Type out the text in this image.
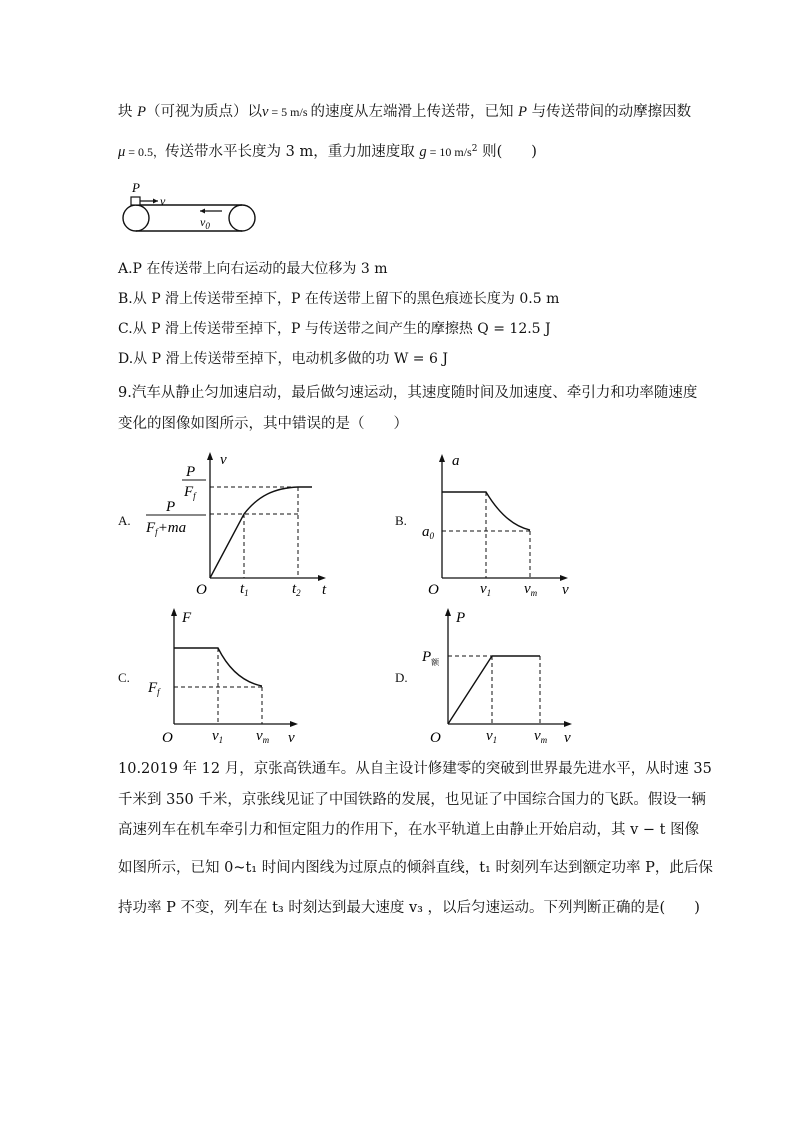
块 P（可视为质点）以v = 5 m/s 的速度从左端滑上传送带，已知 P 与传送带间的动摩擦因数
μ = 0.5，传送带水平长度为 3 m，重力加速度取 g = 10 $m/s^2$ 则(　　)
P
v
$v_0$
A.P 在传送带上向右运动的最大位移为 3 m
B.从 P 滑上传送带至掉下，P 在传送带上留下的黑色痕迹长度为 0.5 m
C.从 P 滑上传送带至掉下，P 与传送带之间产生的摩擦热 Q = 12.5 J
D.从 P 滑上传送带至掉下，电动机多做的功 W = 6 J
9.汽车从静止匀加速启动，最后做匀速运动，其速度随时间及加速度、牵引力和功率随速度
变化的图像如图所示，其中错误的是（　　）
A.
v
t
O
P
$F_f$
P
$F_f+ma$
$t_1$	$t_2$
B.
a
v
O
$a_0$
$v_1$ $v_m$
C.
F
v
O
$F_f$
$v_1$ $v_m$
D.
P
v
O
$P_额$
$v_1$ $v_m$
10.2019 年 12 月，京张高铁通车。从自主设计修建零的突破到世界最先进水平，从时速 35
千米到 350 千米，京张线见证了中国铁路的发展，也见证了中国综合国力的飞跃。假设一辆
高速列车在机车牵引力和恒定阻力的作用下，在水平轨道上由静止开始启动，其 v − t 图像
如图所示，已知 0~t₁ 时间内图线为过原点的倾斜直线，t₁ 时刻列车达到额定功率 P，此后保
持功率 P 不变，列车在 t₃ 时刻达到最大速度 v₃ ，以后匀速运动。下列判断正确的是(　　)
